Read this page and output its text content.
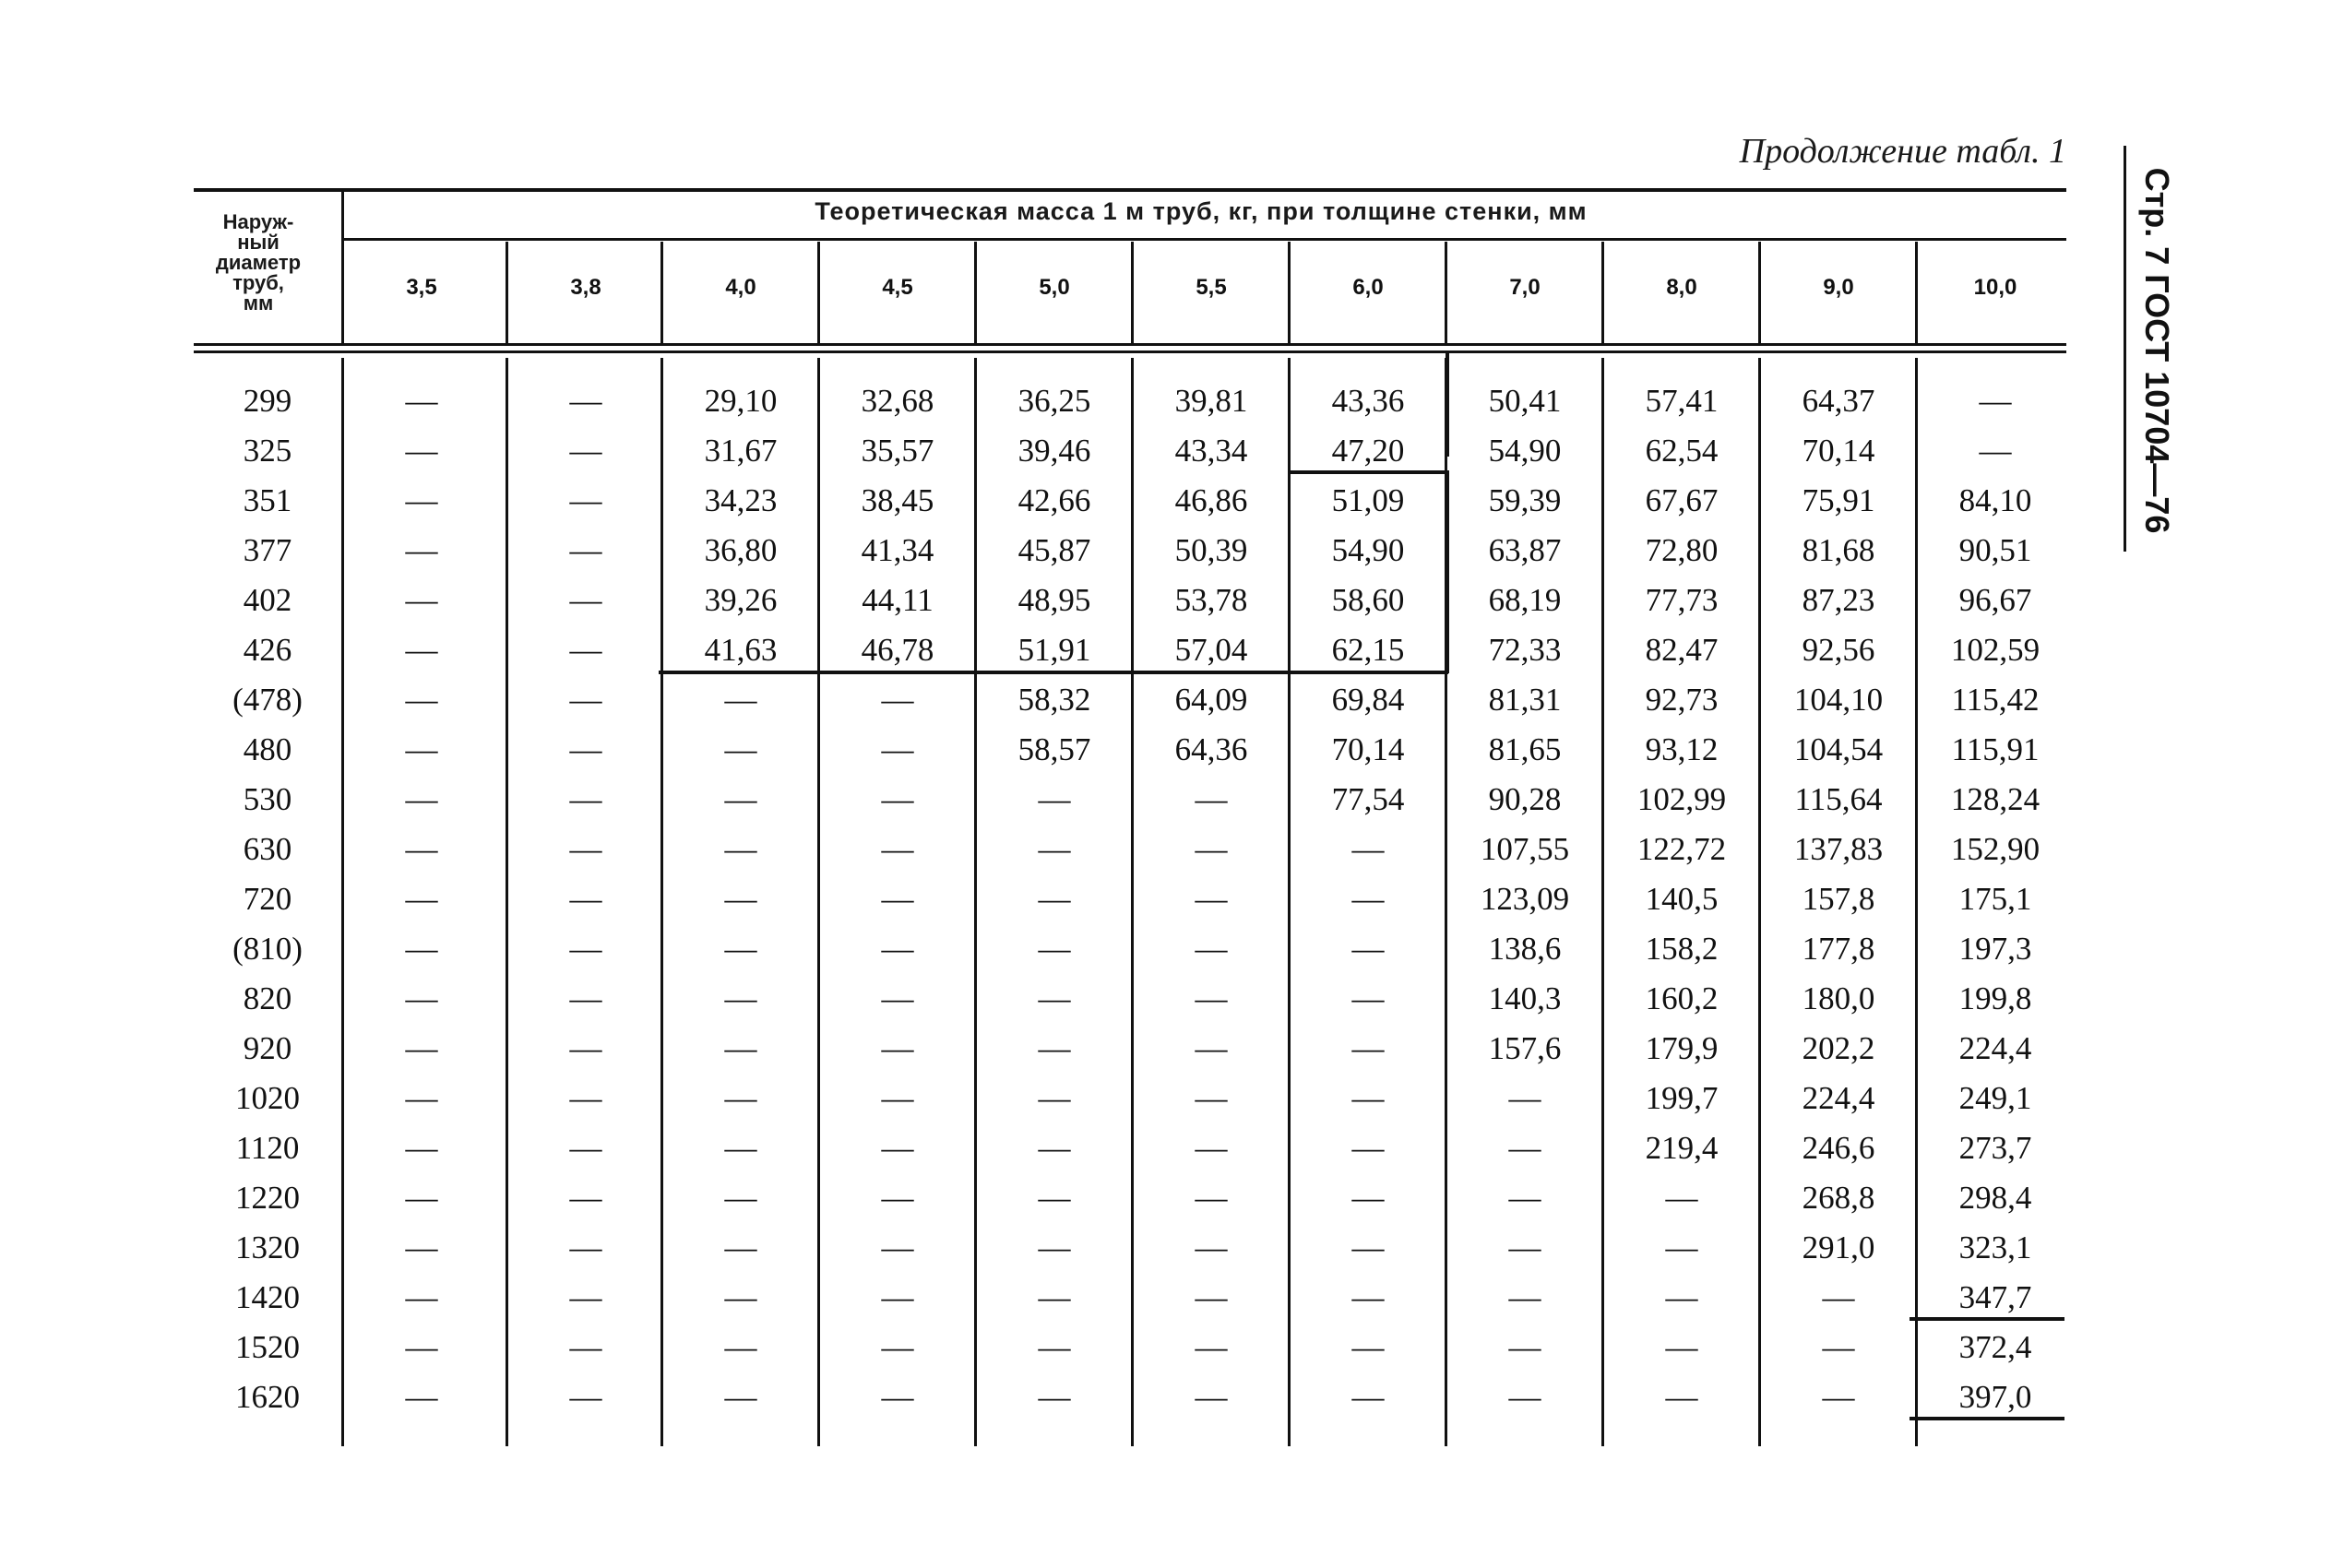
Продолжение табл. 1
Стр. 7 ГОСТ 10704—76
Наруж-
ный
диаметр
труб,
мм
Теоретическая масса 1 м труб, кг, при толщине стенки, мм
3,5	3,8	4,0	4,5	5,0	5,5	6,0	7,0	8,0	9,0	10,0
299	—	—	29,10	32,68	36,25	39,81	43,36	50,41	57,41	64,37	—
325	—	—	31,67	35,57	39,46	43,34	47,20	54,90	62,54	70,14	—
351	—	—	34,23	38,45	42,66	46,86	51,09	59,39	67,67	75,91	84,10
377	—	—	36,80	41,34	45,87	50,39	54,90	63,87	72,80	81,68	90,51
402	—	—	39,26	44,11	48,95	53,78	58,60	68,19	77,73	87,23	96,67
426	—	—	41,63	46,78	51,91	57,04	62,15	72,33	82,47	92,56	102,59
(478)	—	—	—	—	58,32	64,09	69,84	81,31	92,73	104,10	115,42
480	—	—	—	—	58,57	64,36	70,14	81,65	93,12	104,54	115,91
530	—	—	—	—	—	—	77,54	90,28	102,99	115,64	128,24
630	—	—	—	—	—	—	—	107,55	122,72	137,83	152,90
720	—	—	—	—	—	—	—	123,09	140,5	157,8	175,1
(810)	—	—	—	—	—	—	—	138,6	158,2	177,8	197,3
820	—	—	—	—	—	—	—	140,3	160,2	180,0	199,8
920	—	—	—	—	—	—	—	157,6	179,9	202,2	224,4
1020	—	—	—	—	—	—	—	—	199,7	224,4	249,1
1120	—	—	—	—	—	—	—	—	219,4	246,6	273,7
1220	—	—	—	—	—	—	—	—	—	268,8	298,4
1320	—	—	—	—	—	—	—	—	—	291,0	323,1
1420	—	—	—	—	—	—	—	—	—	—	347,7
1520	—	—	—	—	—	—	—	—	—	—	372,4
1620	—	—	—	—	—	—	—	—	—	—	397,0
